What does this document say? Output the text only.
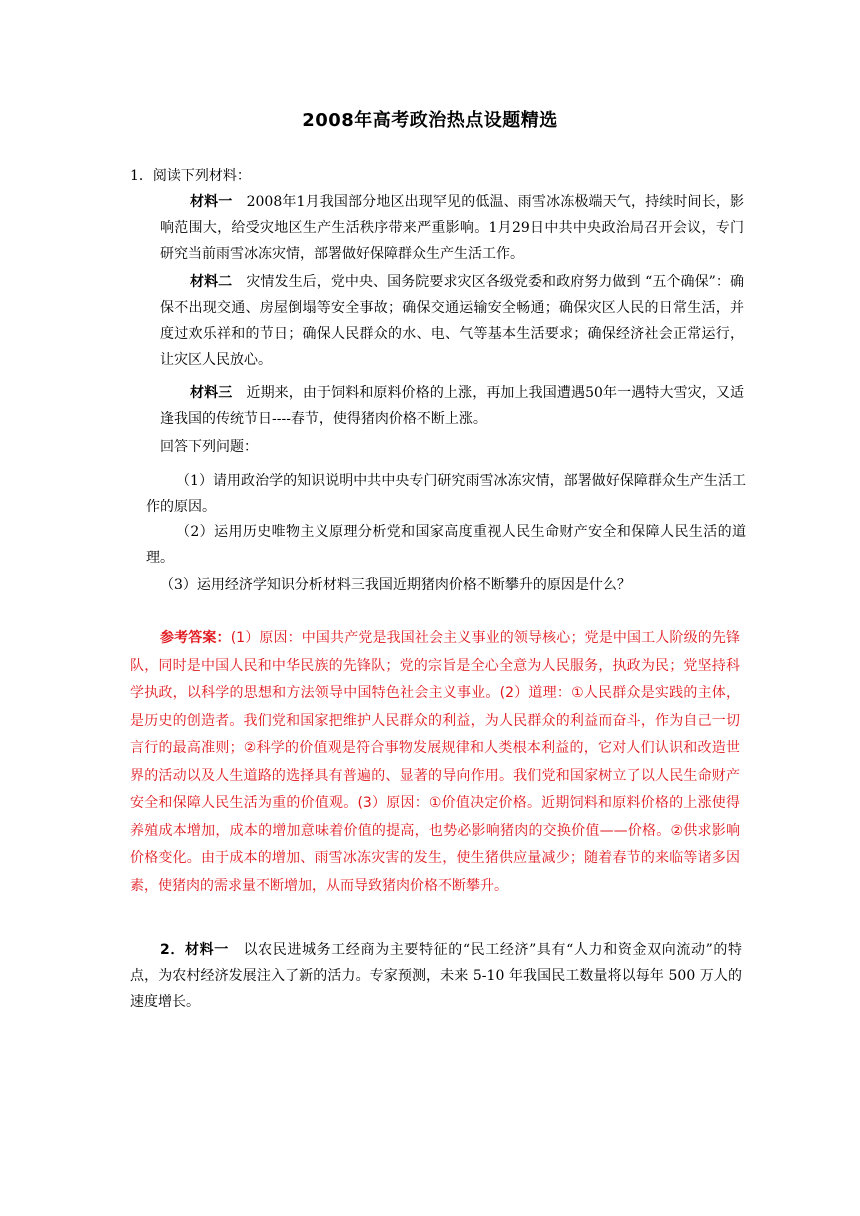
2008年高考政治热点设题精选
1．阅读下列材料：
材料一　2008年1月我国部分地区出现罕见的低温、雨雪冰冻极端天气，持续时间长，影响范围大，给受灾地区生产生活秩序带来严重影响。1月29日中共中央政治局召开会议，专门研究当前雨雪冰冻灾情，部署做好保障群众生产生活工作。
材料二　灾情发生后，党中央、国务院要求灾区各级党委和政府努力做到 “五个确保”：确保不出现交通、房屋倒塌等安全事故；确保交通运输安全畅通；确保灾区人民的日常生活，并度过欢乐祥和的节日；确保人民群众的水、电、气等基本生活要求；确保经济社会正常运行，让灾区人民放心。
材料三　近期来，由于饲料和原料价格的上涨，再加上我国遭遇50年一遇特大雪灾，又适逢我国的传统节日----春节，使得猪肉价格不断上涨。
回答下列问题：
（1）请用政治学的知识说明中共中央专门研究雨雪冰冻灾情，部署做好保障群众生产生活工作的原因。
（2）运用历史唯物主义原理分析党和国家高度重视人民生命财产安全和保障人民生活的道理。
（3）运用经济学知识分析材料三我国近期猪肉价格不断攀升的原因是什么？
参考答案：(1）原因：中国共产党是我国社会主义事业的领导核心；党是中国工人阶级的先锋队，同时是中国人民和中华民族的先锋队；党的宗旨是全心全意为人民服务，执政为民；党坚持科学执政，以科学的思想和方法领导中国特色社会主义事业。(2）道理：①人民群众是实践的主体，是历史的创造者。我们党和国家把维护人民群众的利益，为人民群众的利益而奋斗，作为自己一切言行的最高准则；②科学的价值观是符合事物发展规律和人类根本利益的，它对人们认识和改造世界的活动以及人生道路的选择具有普遍的、显著的导向作用。我们党和国家树立了以人民生命财产安全和保障人民生活为重的价值观。(3）原因：①价值决定价格。近期饲料和原料价格的上涨使得养殖成本增加，成本的增加意味着价值的提高，也势必影响猪肉的交换价值——价格。②供求影响价格变化。由于成本的增加、雨雪冰冻灾害的发生，使生猪供应量减少；随着春节的来临等诸多因素，使猪肉的需求量不断增加，从而导致猪肉价格不断攀升。
2．材料一　以农民进城务工经商为主要特征的“民工经济”具有“人力和资金双向流动”的特点，为农村经济发展注入了新的活力。专家预测，未来 5-10 年我国民工数量将以每年 500 万人的速度增长。
